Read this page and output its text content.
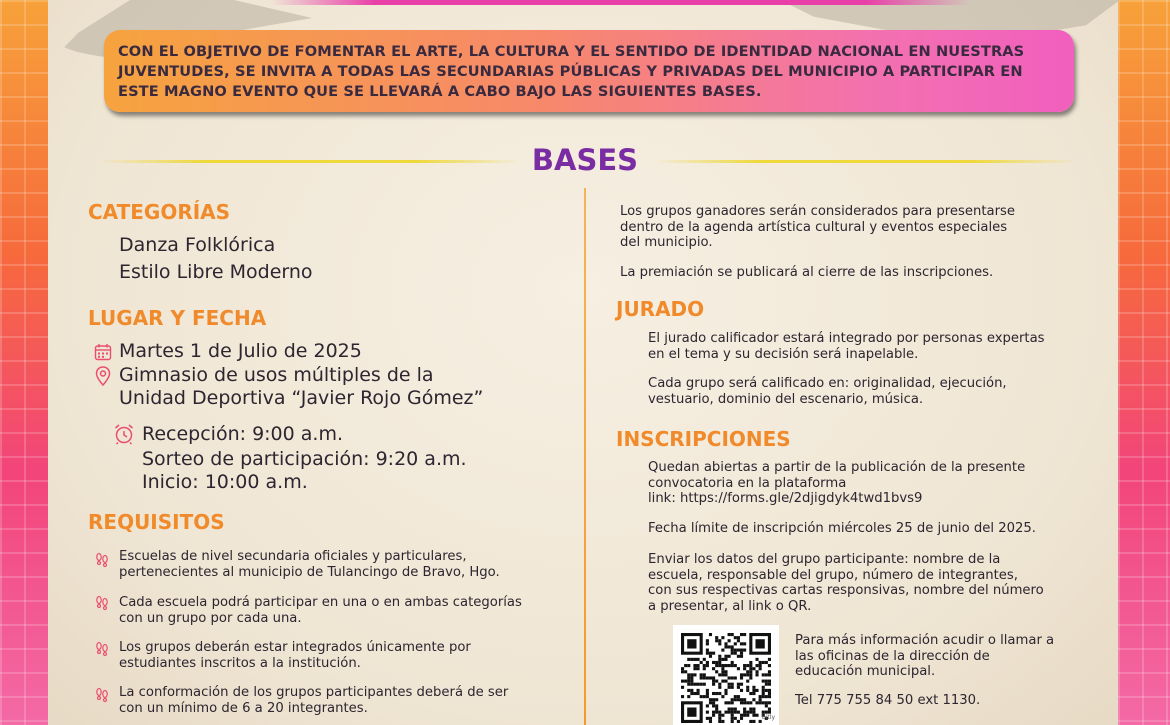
CON EL OBJETIVO DE FOMENTAR EL ARTE, LA CULTURA Y EL SENTIDO DE IDENTIDAD NACIONAL EN NUESTRAS JUVENTUDES, SE INVITA A TODAS LAS SECUNDARIAS PÚBLICAS Y PRIVADAS DEL MUNICIPIO A PARTICIPAR EN ESTE MAGNO EVENTO QUE SE LLEVARÁ A CABO BAJO LAS SIGUIENTES BASES.

BASES
CATEGORÍAS

Danza Folklórica

Estilo Libre Moderno

LUGAR Y FECHA

Martes 1 de Julio de 2025

Gimnasio de usos múltiples de la

Unidad Deportiva “Javier Rojo Gómez”

Recepción: 9:00 a.m.

Sorteo de participación: 9:20 a.m.

Inicio: 10:00 a.m.

REQUISITOS

Escuelas de nivel secundaria oficiales y particulares,
pertenecientes al municipio de Tulancingo de Bravo, Hgo.

Cada escuela podrá participar en una o en ambas categorías
con un grupo por cada una.

Los grupos deberán estar integrados únicamente por
estudiantes inscritos a la institución.

La conformación de los grupos participantes deberá de ser
con un mínimo de 6 a 20 integrantes.

Los grupos ganadores serán considerados para presentarse
dentro de la agenda artística cultural y eventos especiales
del municipio.

La premiación se publicará al cierre de las inscripciones.

JURADO

El jurado calificador estará integrado por personas expertas
en el tema y su decisión será inapelable.

Cada grupo será calificado en: originalidad, ejecución,
vestuario, dominio del escenario, música.

INSCRIPCIONES

Quedan abiertas a partir de la publicación de la presente
convocatoria en la plataforma
link: https://forms.gle/2djigdyk4twd1bvs9

Fecha límite de inscripción miércoles 25 de junio del 2025.

Enviar los datos del grupo participante: nombre de la
escuela, responsable del grupo, número de integrantes,
con sus respectivas cartas responsivas, nombre del número
a presentar, al link o QR.

bitly

Para más información acudir o llamar a
las oficinas de la dirección de
educación municipal.

Tel 775 755 84 50 ext 1130.
